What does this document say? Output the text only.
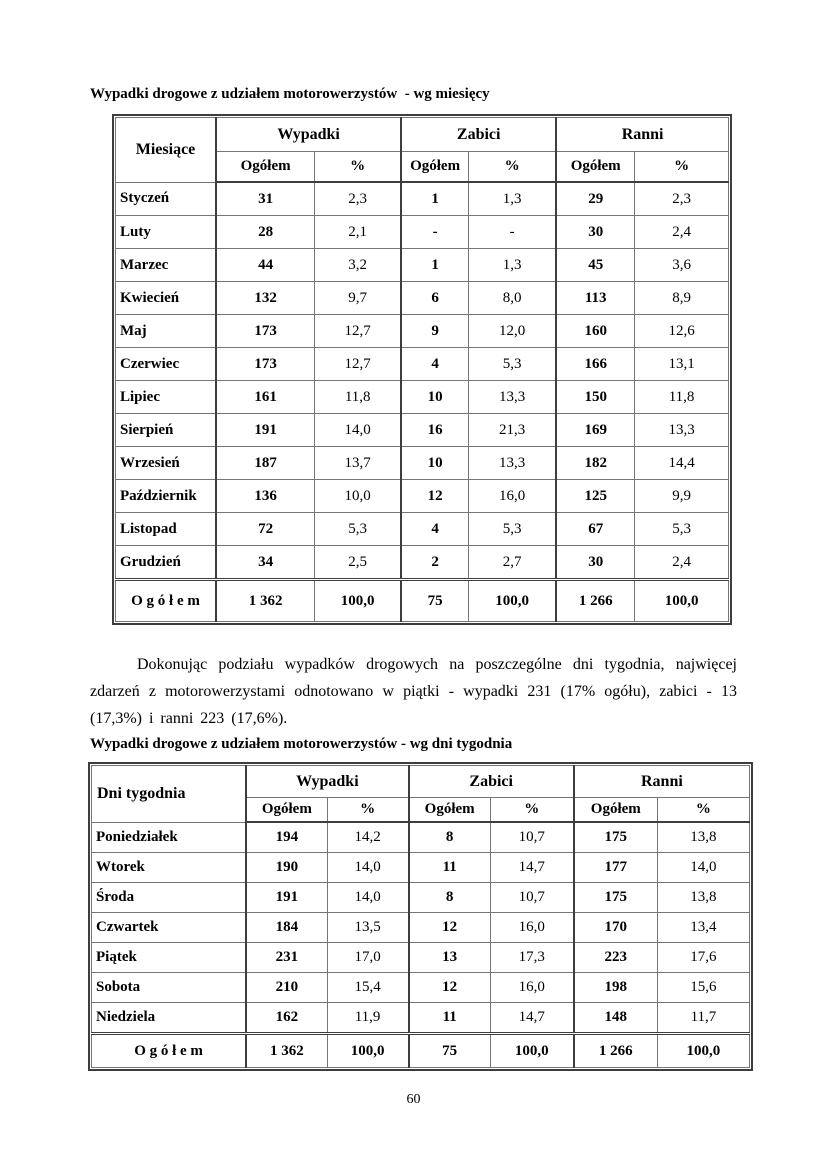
Wypadki drogowe z udziałem motorowerzystów  - wg miesięcy

Miesiące	Wypadki		Zabici		Ranni	
	Ogółem	%	Ogółem	%	Ogółem	%
Styczeń	31	2,3	1	1,3	29	2,3
Luty	28	2,1	-	-	30	2,4
Marzec	44	3,2	1	1,3	45	3,6
Kwiecień	132	9,7	6	8,0	113	8,9
Maj	173	12,7	9	12,0	160	12,6
Czerwiec	173	12,7	4	5,3	166	13,1
Lipiec	161	11,8	10	13,3	150	11,8
Sierpień	191	14,0	16	21,3	169	13,3
Wrzesień	187	13,7	10	13,3	182	14,4
Październik	136	10,0	12	16,0	125	9,9
Listopad	72	5,3	4	5,3	67	5,3
Grudzień	34	2,5	2	2,7	30	2,4
O g ó ł e m	1 362	100,0	75	100,0	1 266	100,0

Dokonując podziału wypadków drogowych na poszczególne dni tygodnia, najwięcej zdarzeń z motorowerzystami odnotowano w piątki - wypadki 231 (17% ogółu), zabici - 13 (17,3%) i ranni 223 (17,6%).

Wypadki drogowe z udziałem motorowerzystów - wg dni tygodnia

Dni tygodnia	Wypadki		Zabici		Ranni	
	Ogółem	%	Ogółem	%	Ogółem	%
Poniedziałek	194	14,2	8	10,7	175	13,8
Wtorek	190	14,0	11	14,7	177	14,0
Środa	191	14,0	8	10,7	175	13,8
Czwartek	184	13,5	12	16,0	170	13,4
Piątek	231	17,0	13	17,3	223	17,6
Sobota	210	15,4	12	16,0	198	15,6
Niedziela	162	11,9	11	14,7	148	11,7
O g ó ł e m	1 362	100,0	75	100,0	1 266	100,0
60
